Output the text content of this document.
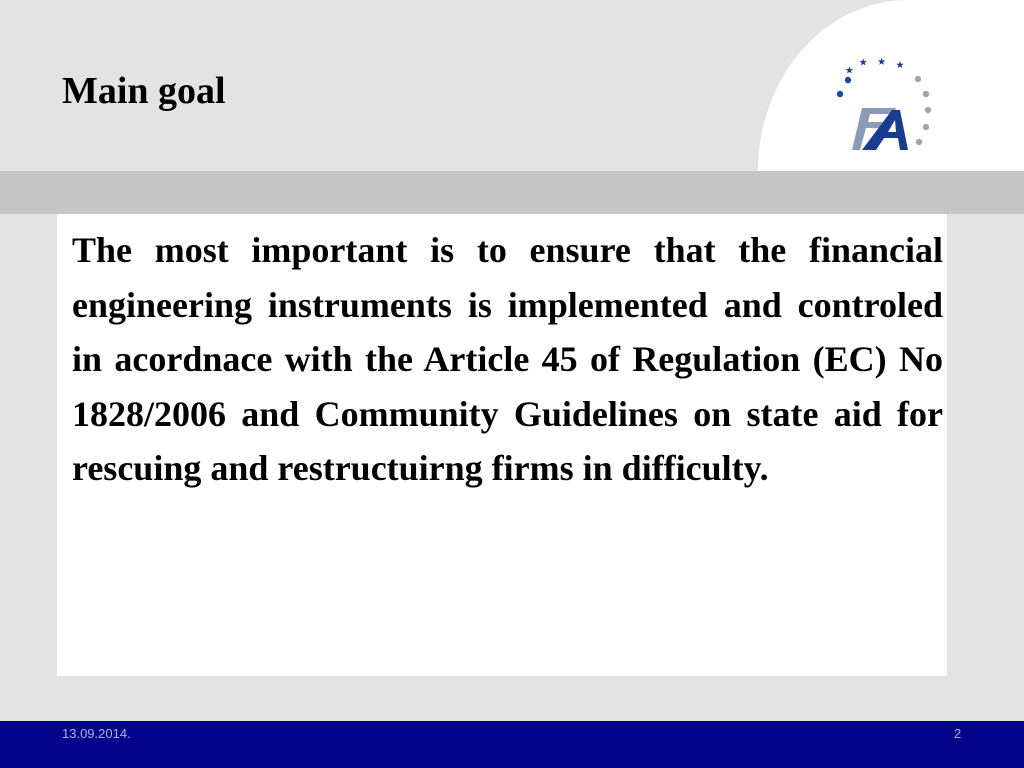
Main goal

The most important is to ensure that the financial engineering instruments is implemented and controled in acordnace with the Article 45 of Regulation (EC) No 1828/2006 and Community Guidelines on state aid for rescuing and restructuirng firms in difficulty.

13.09.2014.	2
